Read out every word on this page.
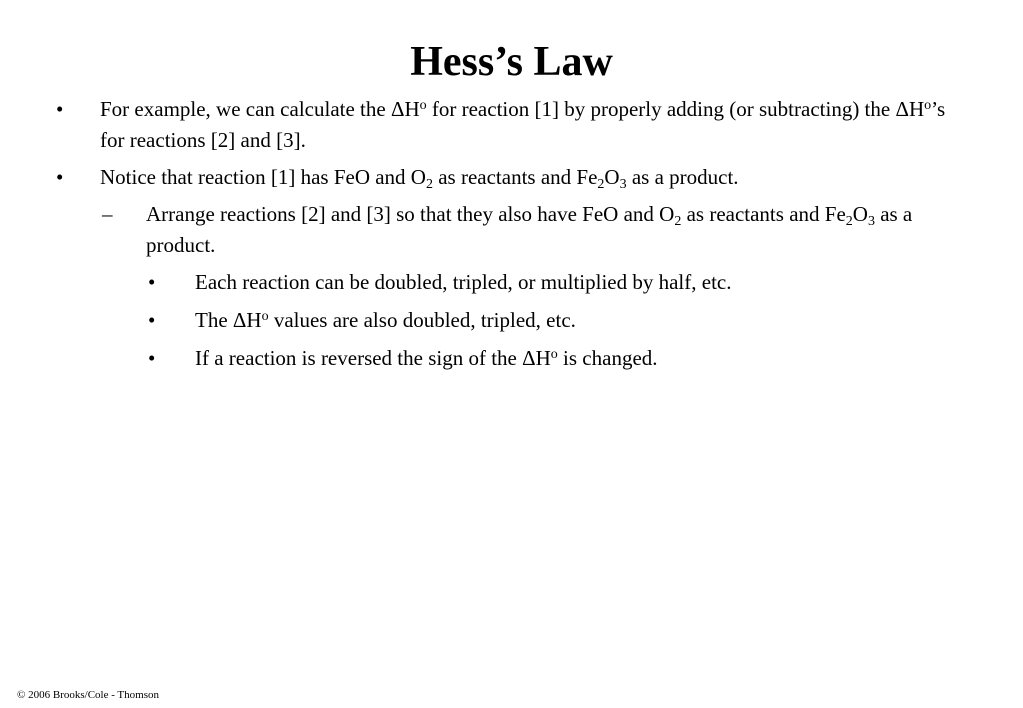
Hess’s Law
• For example, we can calculate the $\Delta H^o$ for reaction [1] by properly adding (or subtracting) the $\Delta H^o’s$ for reactions [2] and [3].
• Notice that reaction [1] has FeO and $O_2$ as reactants and $Fe_2O_3$ as a product.
– Arrange reactions [2] and [3] so that they also have FeO and $O_2$ as reactants and $Fe_2O_3$ as a product.
• Each reaction can be doubled, tripled, or multiplied by half, etc.
• The $\Delta H^o$ values are also doubled, tripled, etc.
• If a reaction is reversed the sign of the $\Delta H^o$ is changed.
© 2006 Brooks/Cole - Thomson
